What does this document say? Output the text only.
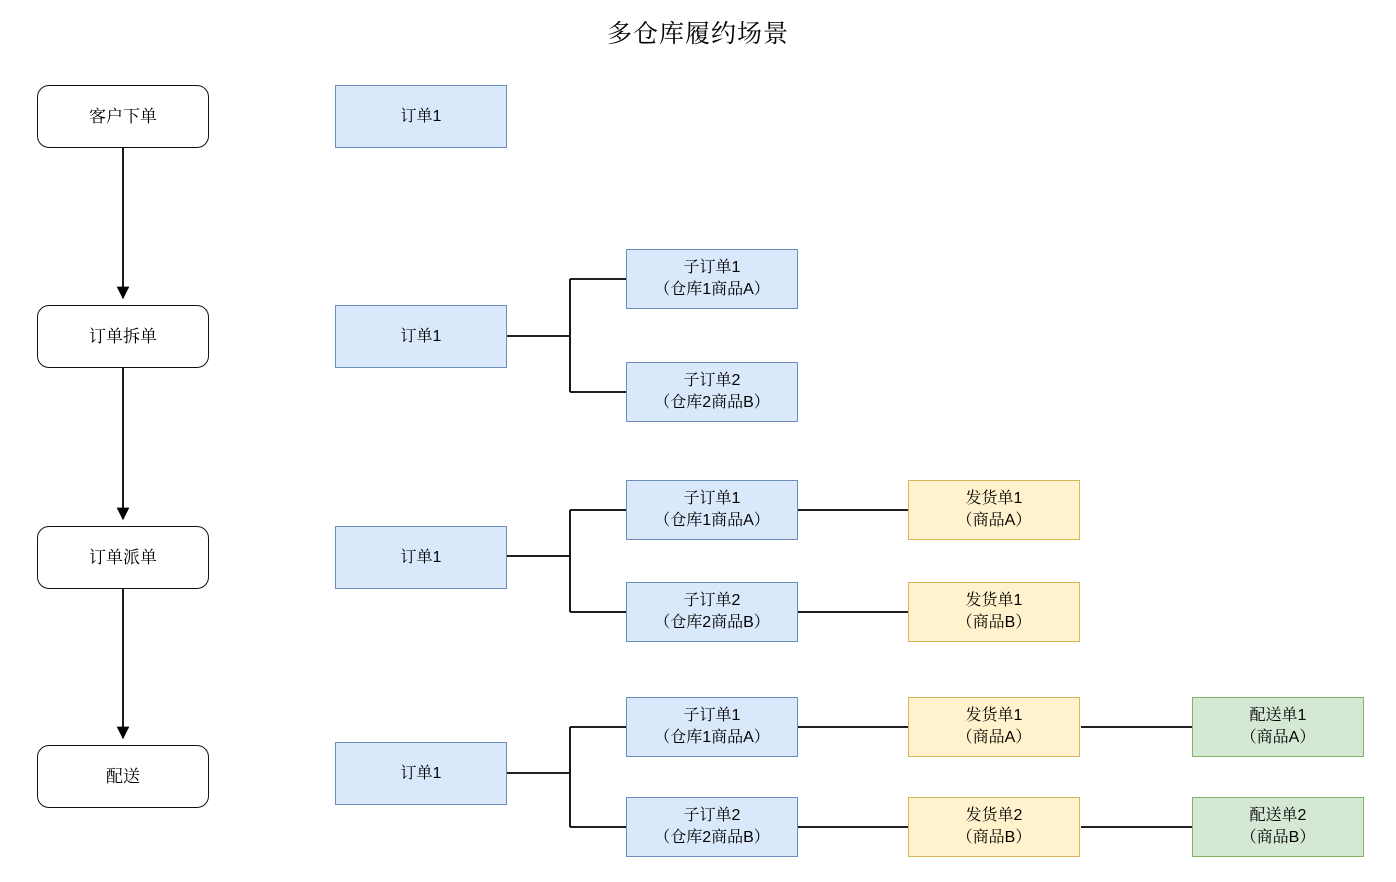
多仓库履约场景
客户下单
订单拆单
订单派单
配送
订单1
订单1
子订单1
（仓库1商品A）
子订单2
（仓库2商品B）
订单1
子订单1
（仓库1商品A）
子订单2
（仓库2商品B）
发货单1
（商品A）
发货单1
（商品B）
订单1
子订单1
（仓库1商品A）
子订单2
（仓库2商品B）
发货单1
（商品A）
发货单2
（商品B）
配送单1
（商品A）
配送单2
（商品B）
